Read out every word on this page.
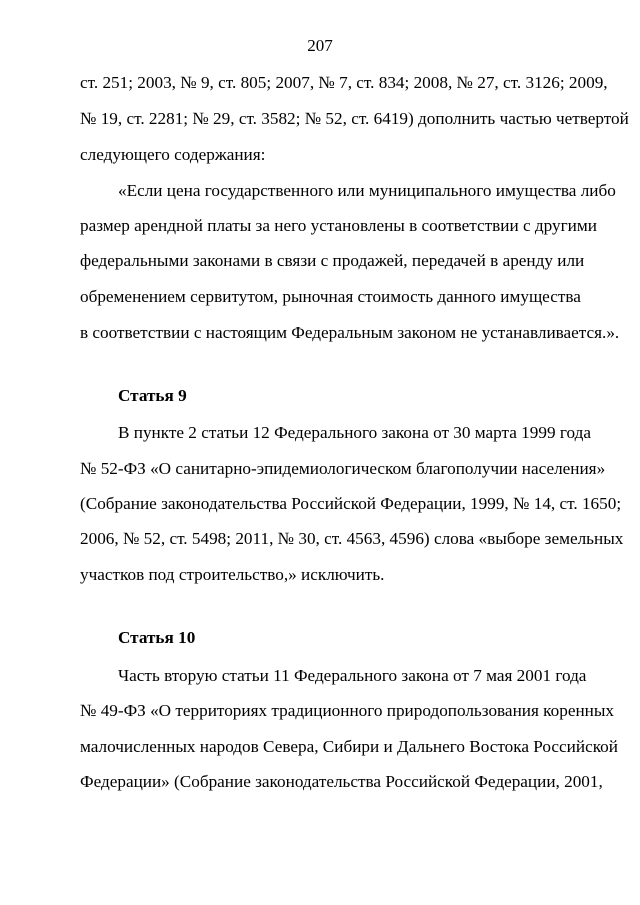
207
ст. 251; 2003, № 9, ст. 805; 2007, № 7, ст. 834; 2008, № 27, ст. 3126; 2009,
№ 19, ст. 2281; № 29, ст. 3582; № 52, ст. 6419) дополнить частью четвертой
следующего содержания:
«Если цена государственного или муниципального имущества либо
размер арендной платы за него установлены в соответствии с другими
федеральными законами в связи с продажей, передачей в аренду или
обременением сервитутом, рыночная стоимость данного имущества
в соответствии с настоящим Федеральным законом не устанавливается.».
Статья 9
В пункте 2 статьи 12 Федерального закона от 30 марта 1999 года
№ 52-ФЗ «О санитарно-эпидемиологическом благополучии населения»
(Собрание законодательства Российской Федерации, 1999, № 14, ст. 1650;
2006, № 52, ст. 5498; 2011, № 30, ст. 4563, 4596) слова «выборе земельных
участков под строительство,» исключить.
Статья 10
Часть вторую статьи 11 Федерального закона от 7 мая 2001 года
№ 49-ФЗ «О территориях традиционного природопользования коренных
малочисленных народов Севера, Сибири и Дальнего Востока Российской
Федерации» (Собрание законодательства Российской Федерации, 2001,
